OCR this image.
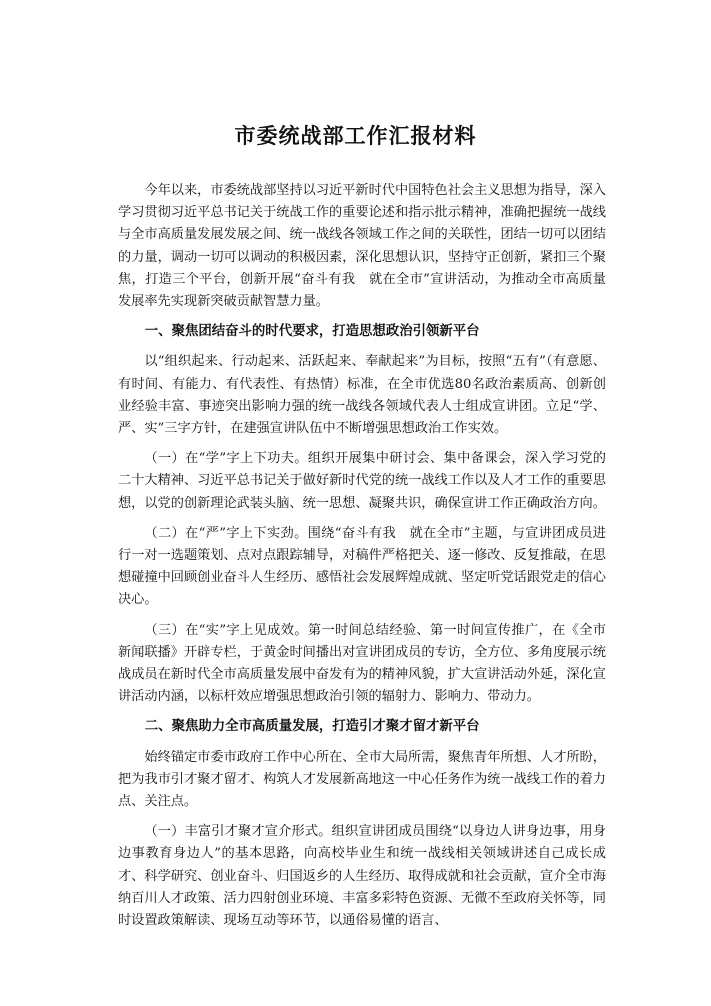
市委统战部工作汇报材料

今年以来，市委统战部坚持以习近平新时代中国特色社会主义思想为指导，深入学习贯彻习近平总书记关于统战工作的重要论述和指示批示精神，准确把握统一战线与全市高质量发展发展之间、统一战线各领域工作之间的关联性，团结一切可以团结的力量，调动一切可以调动的积极因素，深化思想认识，坚持守正创新，紧扣三个聚焦，打造三个平台，创新开展“奋斗有我　就在全市”宣讲活动，为推动全市高质量发展率先实现新突破贡献智慧力量。

一、聚焦团结奋斗的时代要求，打造思想政治引领新平台

以“组织起来、行动起来、活跃起来、奉献起来”为目标，按照“五有”（有意愿、有时间、有能力、有代表性、有热情）标准，在全市优选80名政治素质高、创新创业经验丰富、事迹突出影响力强的统一战线各领域代表人士组成宣讲团。立足“学、严、实”三字方针，在建强宣讲队伍中不断增强思想政治工作实效。

（一）在“学”字上下功夫。组织开展集中研讨会、集中备课会，深入学习党的二十大精神、习近平总书记关于做好新时代党的统一战线工作以及人才工作的重要思想，以党的创新理论武装头脑、统一思想、凝聚共识，确保宣讲工作正确政治方向。

（二）在“严”字上下实劲。围绕“奋斗有我　就在全市”主题，与宣讲团成员进行一对一选题策划、点对点跟踪辅导，对稿件严格把关、逐一修改、反复推敲，在思想碰撞中回顾创业奋斗人生经历、感悟社会发展辉煌成就、坚定听党话跟党走的信心决心。

（三）在“实”字上见成效。第一时间总结经验、第一时间宣传推广，在《全市新闻联播》开辟专栏，于黄金时间播出对宣讲团成员的专访，全方位、多角度展示统战成员在新时代全市高质量发展中奋发有为的精神风貌，扩大宣讲活动外延，深化宣讲活动内涵，以标杆效应增强思想政治引领的辐射力、影响力、带动力。

二、聚焦助力全市高质量发展，打造引才聚才留才新平台

始终锚定市委市政府工作中心所在、全市大局所需，聚焦青年所想、人才所盼，把为我市引才聚才留才、构筑人才发展新高地这一中心任务作为统一战线工作的着力点、关注点。

（一）丰富引才聚才宣介形式。组织宣讲团成员围绕“以身边人讲身边事，用身边事教育身边人”的基本思路，向高校毕业生和统一战线相关领域讲述自己成长成才、科学研究、创业奋斗、归国返乡的人生经历、取得成就和社会贡献，宣介全市海纳百川人才政策、活力四射创业环境、丰富多彩特色资源、无微不至政府关怀等，同时设置政策解读、现场互动等环节，以通俗易懂的语言、
